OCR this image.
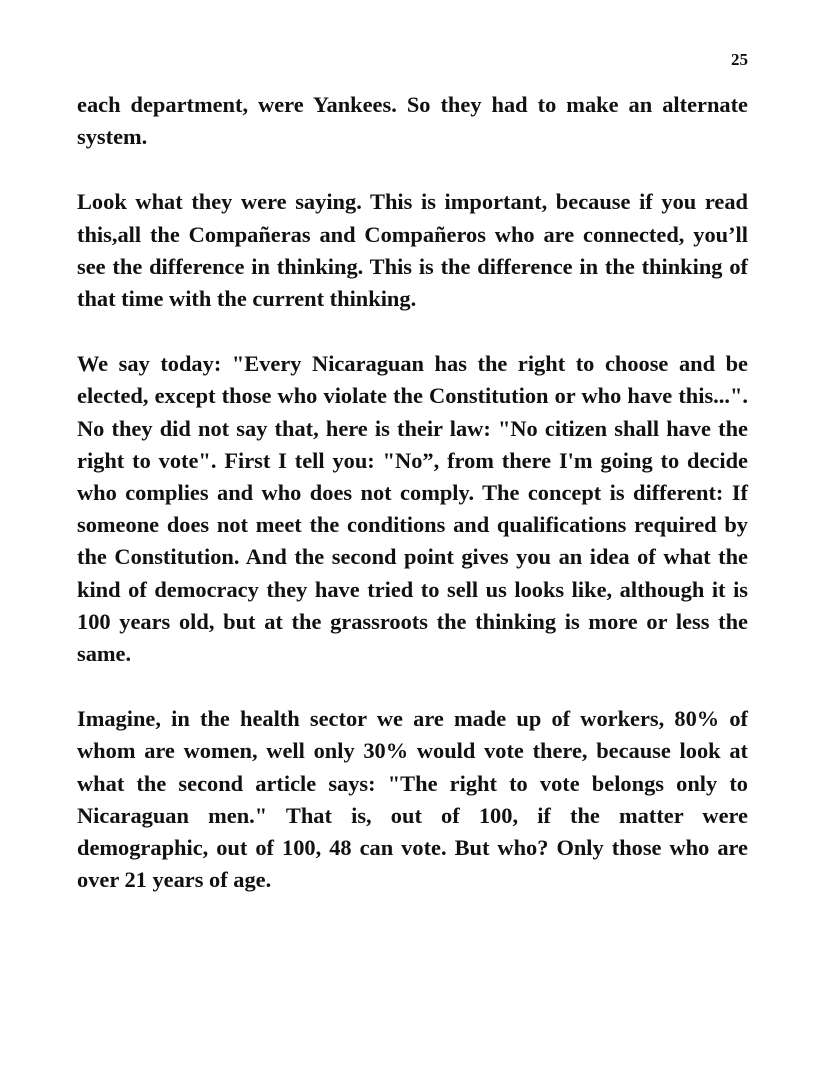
25

each department, were Yankees. So they had to make an alternate system.

Look what they were saying. This is important, because if you read this,all the Compañeras and Compañeros who are connected, you’ll see the difference in thinking. This is the difference in the thinking of that time with the current thinking.

We say today: "Every Nicaraguan has the right to choose and be elected, except those who violate the Constitution or who have this...". No they did not say that, here is their law: "No citizen shall have the right to vote". First I tell you: "No”, from there I'm going to decide who complies and who does not comply. The concept is different: If someone does not meet the conditions and qualifications required by the Constitution. And the second point gives you an idea of what the kind of democracy they have tried to sell us looks like, although it is 100 years old, but at the grassroots the thinking is more or less the same.

Imagine, in the health sector we are made up of workers, 80% of whom are women, well only 30% would vote there, because look at what the second article says: "The right to vote belongs only to Nicaraguan men." That is, out of 100, if the matter were demographic, out of 100, 48 can vote. But who? Only those who are over 21 years of age.
